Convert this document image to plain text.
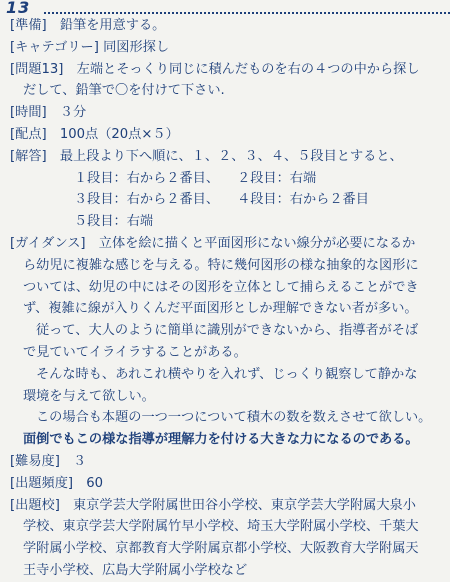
13
[準備]　鉛筆を用意する。
[キャテゴリー] 同図形探し
[問題13]　左端とそっくり同じに積んだものを右の４つの中から探し
だして、鉛筆で〇を付けて下さい.
[時間]　３分
[配点]　100点（20点×５）
[解答]　最上段より下へ順に、１、２、３、４、５段目とすると、
１段目：右から２番目、 ２段目：右端
３段目：右から２番目、 ４段目：右から２番目
５段目：右端
[ガイダンス]　立体を絵に描くと平面図形にない線分が必要になるか
ら幼児に複雑な感じを与える。特に幾何図形の様な抽象的な図形に
ついては、幼児の中にはその図形を立体として捕らえることができ
ず、複雑に線が入りくんだ平面図形としか理解できない者が多い。
従って、大人のように簡単に識別ができないから、指導者がそば
で見ていてイライラすることがある。
そんな時も、あれこれ横やりを入れず、じっくり観察して静かな
環境を与えて欲しい。
この場合も本題の一つ一つについて積木の数を数えさせて欲しい。
面倒でもこの様な指導が理解力を付ける大きな力になるのである。
[難易度]　３
[出題頻度]　60
[出題校]　東京学芸大学附属世田谷小学校、東京学芸大学附属大泉小
学校、東京学芸大学附属竹早小学校、埼玉大学附属小学校、千葉大
学附属小学校、京都教育大学附属京都小学校、大阪教育大学附属天
王寺小学校、広島大学附属小学校など
